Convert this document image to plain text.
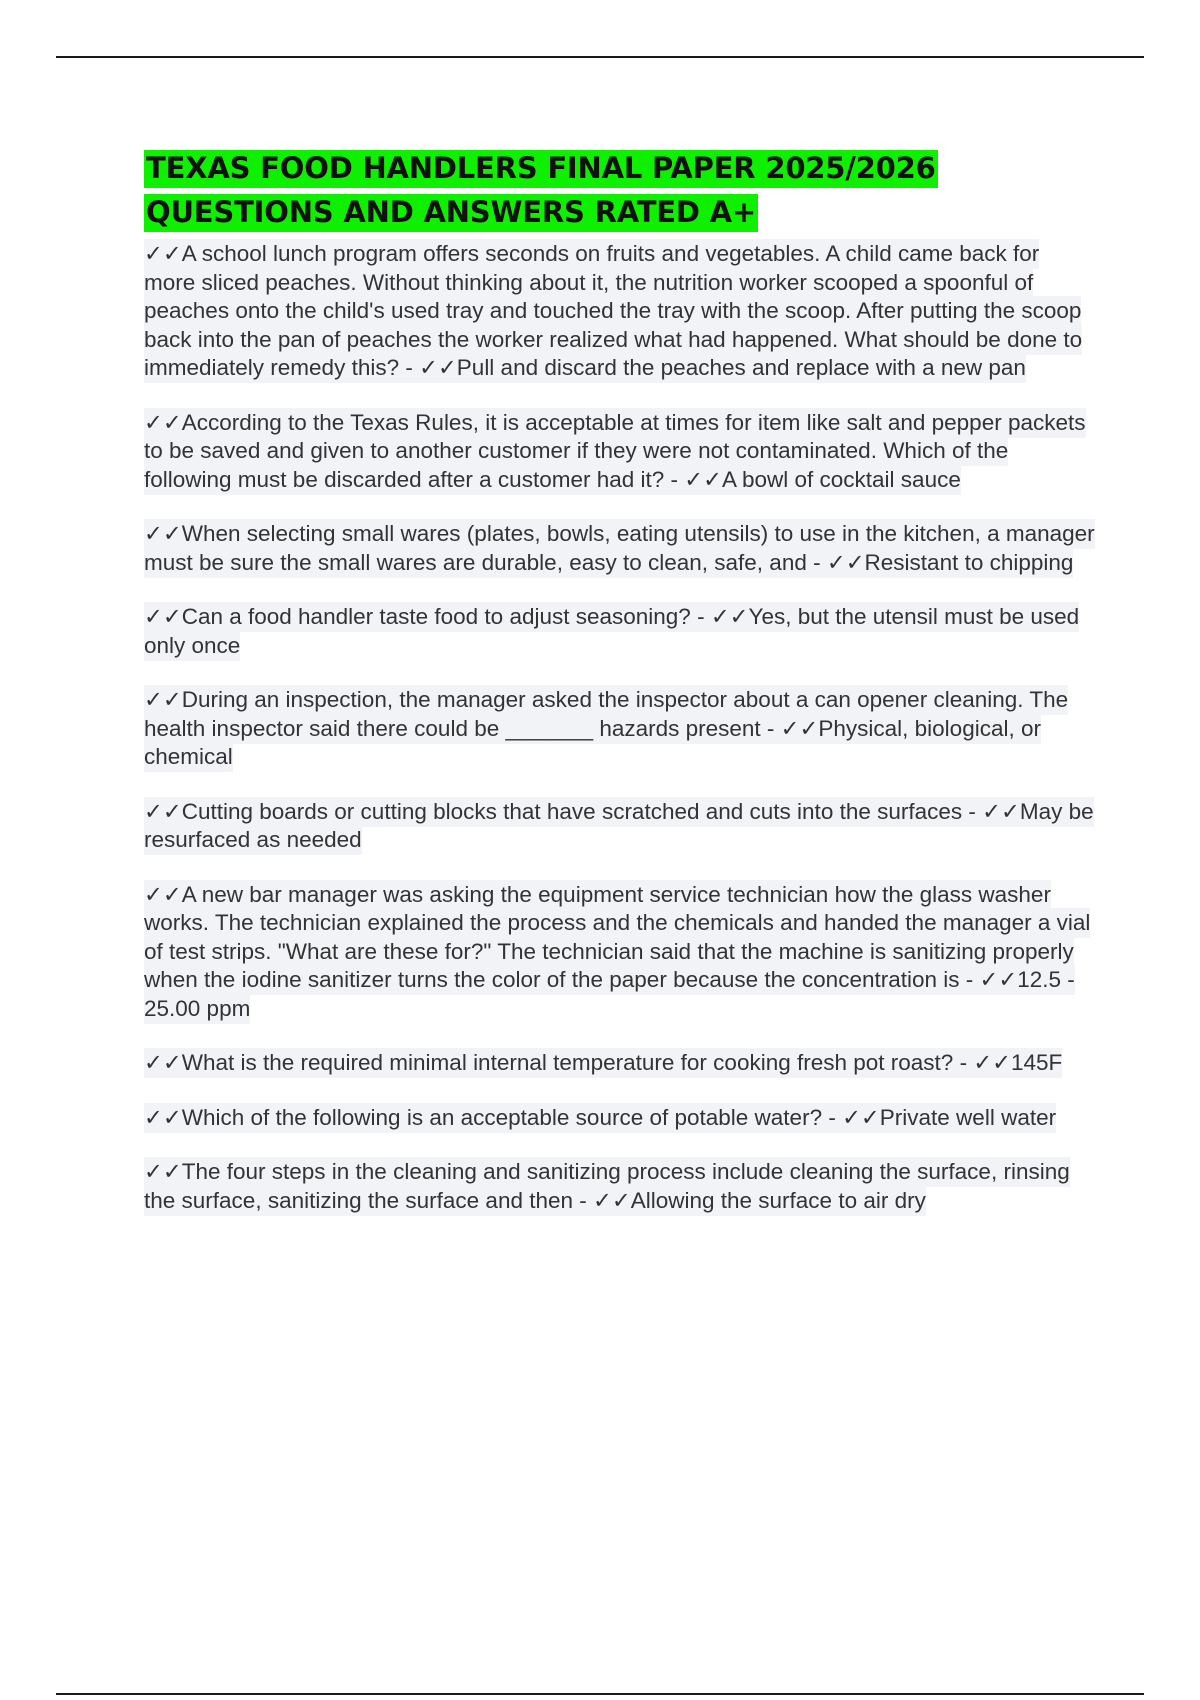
TEXAS FOOD HANDLERS FINAL PAPER 2025/2026 QUESTIONS AND ANSWERS RATED A+

✓✓A school lunch program offers seconds on fruits and vegetables. A child came back for more sliced peaches. Without thinking about it, the nutrition worker scooped a spoonful of peaches onto the child's used tray and touched the tray with the scoop. After putting the scoop back into the pan of peaches the worker realized what had happened. What should be done to immediately remedy this? - ✓✓Pull and discard the peaches and replace with a new pan

✓✓According to the Texas Rules, it is acceptable at times for item like salt and pepper packets to be saved and given to another customer if they were not contaminated. Which of the following must be discarded after a customer had it? - ✓✓A bowl of cocktail sauce

✓✓When selecting small wares (plates, bowls, eating utensils) to use in the kitchen, a manager must be sure the small wares are durable, easy to clean, safe, and - ✓✓Resistant to chipping

✓✓Can a food handler taste food to adjust seasoning? - ✓✓Yes, but the utensil must be used only once

✓✓During an inspection, the manager asked the inspector about a can opener cleaning. The health inspector said there could be _______ hazards present - ✓✓Physical, biological, or chemical

✓✓Cutting boards or cutting blocks that have scratched and cuts into the surfaces - ✓✓May be resurfaced as needed

✓✓A new bar manager was asking the equipment service technician how the glass washer works. The technician explained the process and the chemicals and handed the manager a vial of test strips. "What are these for?" The technician said that the machine is sanitizing properly when the iodine sanitizer turns the color of the paper because the concentration is - ✓✓12.5 - 25.00 ppm

✓✓What is the required minimal internal temperature for cooking fresh pot roast? - ✓✓145F

✓✓Which of the following is an acceptable source of potable water? - ✓✓Private well water

✓✓The four steps in the cleaning and sanitizing process include cleaning the surface, rinsing the surface, sanitizing the surface and then - ✓✓Allowing the surface to air dry
